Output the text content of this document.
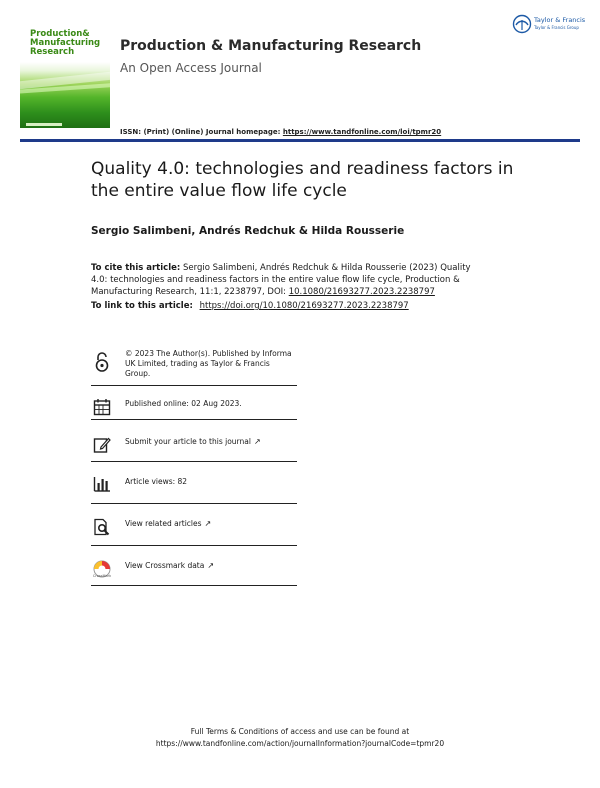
Production&
Manufacturing
Research	Production & Manufacturing Research
An Open Access Journal
ISSN: (Print) (Online) Journal homepage: https://www.tandfonline.com/loi/tpmr20
Taylor & Francis
Taylor & Francis Group
Quality 4.0: technologies and readiness factors in the entire value flow life cycle
Sergio Salimbeni, Andrés Redchuk & Hilda Rousserie
To cite this article: Sergio Salimbeni, Andrés Redchuk & Hilda Rousserie (2023) Quality 4.0: technologies and readiness factors in the entire value flow life cycle, Production & Manufacturing Research, 11:1, 2238797, DOI: 10.1080/21693277.2023.2238797
To link to this article: https://doi.org/10.1080/21693277.2023.2238797
© 2023 The Author(s). Published by Informa UK Limited, trading as Taylor & Francis Group.
Published online: 02 Aug 2023.
Submit your article to this journal ↗
Article views: 82
View related articles ↗
CrossMark
View Crossmark data ↗
Full Terms & Conditions of access and use can be found at
https://www.tandfonline.com/action/journalInformation?journalCode=tpmr20
